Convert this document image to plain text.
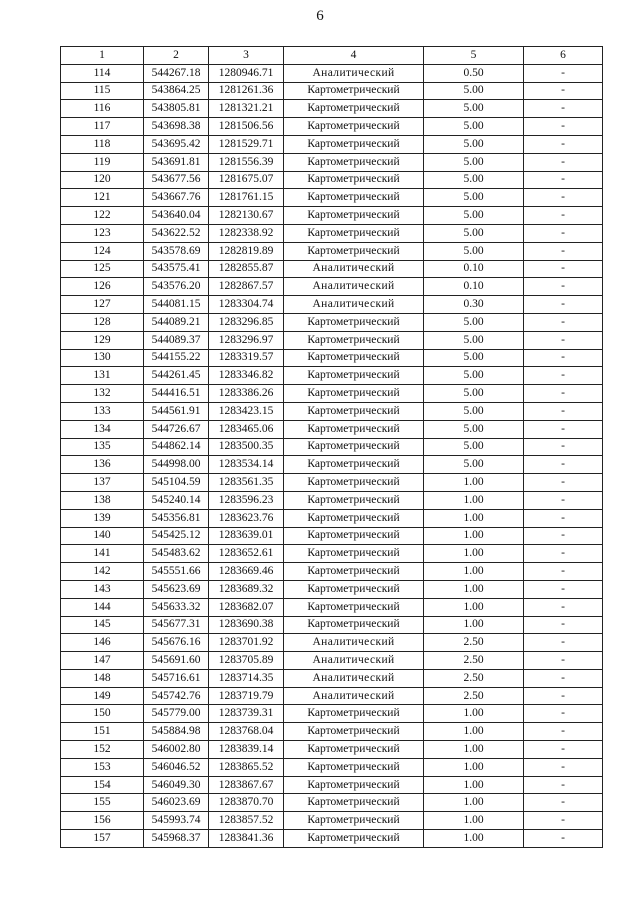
6
1	2	3	4	5	6
114	544267.18	1280946.71	Аналитический	0.50	-
115	543864.25	1281261.36	Картометрический	5.00	-
116	543805.81	1281321.21	Картометрический	5.00	-
117	543698.38	1281506.56	Картометрический	5.00	-
118	543695.42	1281529.71	Картометрический	5.00	-
119	543691.81	1281556.39	Картометрический	5.00	-
120	543677.56	1281675.07	Картометрический	5.00	-
121	543667.76	1281761.15	Картометрический	5.00	-
122	543640.04	1282130.67	Картометрический	5.00	-
123	543622.52	1282338.92	Картометрический	5.00	-
124	543578.69	1282819.89	Картометрический	5.00	-
125	543575.41	1282855.87	Аналитический	0.10	-
126	543576.20	1282867.57	Аналитический	0.10	-
127	544081.15	1283304.74	Аналитический	0.30	-
128	544089.21	1283296.85	Картометрический	5.00	-
129	544089.37	1283296.97	Картометрический	5.00	-
130	544155.22	1283319.57	Картометрический	5.00	-
131	544261.45	1283346.82	Картометрический	5.00	-
132	544416.51	1283386.26	Картометрический	5.00	-
133	544561.91	1283423.15	Картометрический	5.00	-
134	544726.67	1283465.06	Картометрический	5.00	-
135	544862.14	1283500.35	Картометрический	5.00	-
136	544998.00	1283534.14	Картометрический	5.00	-
137	545104.59	1283561.35	Картометрический	1.00	-
138	545240.14	1283596.23	Картометрический	1.00	-
139	545356.81	1283623.76	Картометрический	1.00	-
140	545425.12	1283639.01	Картометрический	1.00	-
141	545483.62	1283652.61	Картометрический	1.00	-
142	545551.66	1283669.46	Картометрический	1.00	-
143	545623.69	1283689.32	Картометрический	1.00	-
144	545633.32	1283682.07	Картометрический	1.00	-
145	545677.31	1283690.38	Картометрический	1.00	-
146	545676.16	1283701.92	Аналитический	2.50	-
147	545691.60	1283705.89	Аналитический	2.50	-
148	545716.61	1283714.35	Аналитический	2.50	-
149	545742.76	1283719.79	Аналитический	2.50	-
150	545779.00	1283739.31	Картометрический	1.00	-
151	545884.98	1283768.04	Картометрический	1.00	-
152	546002.80	1283839.14	Картометрический	1.00	-
153	546046.52	1283865.52	Картометрический	1.00	-
154	546049.30	1283867.67	Картометрический	1.00	-
155	546023.69	1283870.70	Картометрический	1.00	-
156	545993.74	1283857.52	Картометрический	1.00	-
157	545968.37	1283841.36	Картометрический	1.00	-
